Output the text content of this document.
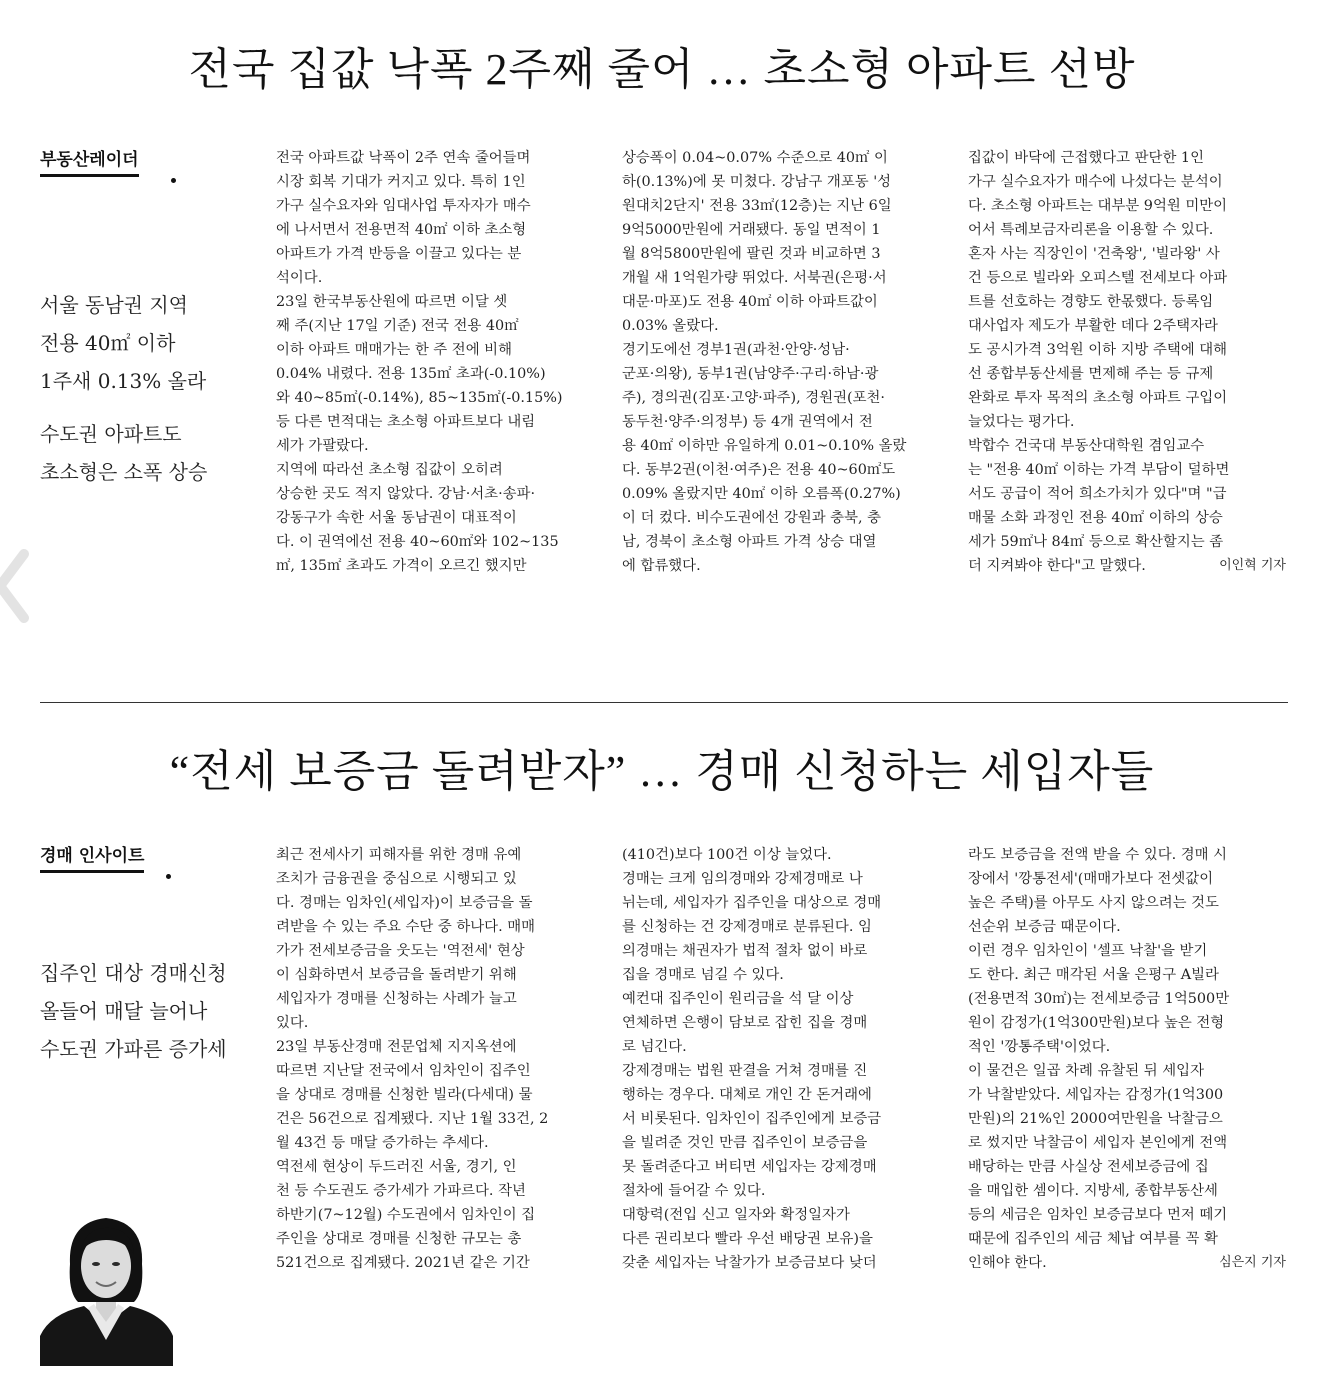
전국 집값 낙폭 2주째 줄어 … 초소형 아파트 선방
부동산레이더

서울 동남권 지역

전용 40㎡ 이하

1주새 0.13% 올라

수도권 아파트도

초소형은 소폭 상승

전국 아파트값 낙폭이 2주 연속 줄어들며

시장 회복 기대가 커지고 있다. 특히 1인

가구 실수요자와 임대사업 투자자가 매수

에 나서면서 전용면적 40㎡ 이하 초소형

아파트가 가격 반등을 이끌고 있다는 분

석이다.

23일 한국부동산원에 따르면 이달 셋

째 주(지난 17일 기준) 전국 전용 40㎡

이하 아파트 매매가는 한 주 전에 비해

0.04% 내렸다. 전용 135㎡ 초과(-0.10%)

와 40~85㎡(-0.14%), 85~135㎡(-0.15%)

등 다른 면적대는 초소형 아파트보다 내림

세가 가팔랐다.

지역에 따라선 초소형 집값이 오히려

상승한 곳도 적지 않았다. 강남·서초·송파·

강동구가 속한 서울 동남권이 대표적이

다. 이 권역에선 전용 40~60㎡와 102~135

㎡, 135㎡ 초과도 가격이 오르긴 했지만

상승폭이 0.04~0.07% 수준으로 40㎡ 이

하(0.13%)에 못 미쳤다. 강남구 개포동 '성

원대치2단지' 전용 33㎡(12층)는 지난 6일

9억5000만원에 거래됐다. 동일 면적이 1

월 8억5800만원에 팔린 것과 비교하면 3

개월 새 1억원가량 뛰었다. 서북권(은평·서

대문·마포)도 전용 40㎡ 이하 아파트값이

0.03% 올랐다.

경기도에선 경부1권(과천·안양·성남·

군포·의왕), 동부1권(남양주·구리·하남·광

주), 경의권(김포·고양·파주), 경원권(포천·

동두천·양주·의정부) 등 4개 권역에서 전

용 40㎡ 이하만 유일하게 0.01~0.10% 올랐

다. 동부2권(이천·여주)은 전용 40~60㎡도

0.09% 올랐지만 40㎡ 이하 오름폭(0.27%)

이 더 컸다. 비수도권에선 강원과 충북, 충

남, 경북이 초소형 아파트 가격 상승 대열

에 합류했다.

집값이 바닥에 근접했다고 판단한 1인

가구 실수요자가 매수에 나섰다는 분석이

다. 초소형 아파트는 대부분 9억원 미만이

어서 특례보금자리론을 이용할 수 있다.

혼자 사는 직장인이 '건축왕', '빌라왕' 사

건 등으로 빌라와 오피스텔 전세보다 아파

트를 선호하는 경향도 한몫했다. 등록임

대사업자 제도가 부활한 데다 2주택자라

도 공시가격 3억원 이하 지방 주택에 대해

선 종합부동산세를 면제해 주는 등 규제

완화로 투자 목적의 초소형 아파트 구입이

늘었다는 평가다.

박합수 건국대 부동산대학원 겸임교수

는 "전용 40㎡ 이하는 가격 부담이 덜하면

서도 공급이 적어 희소가치가 있다"며 "급

매물 소화 과정인 전용 40㎡ 이하의 상승

세가 59㎡나 84㎡ 등으로 확산할지는 좀

더 지켜봐야 한다"고 말했다.	이인혁 기자

“전세 보증금 돌려받자” … 경매 신청하는 세입자들
경매 인사이트

집주인 대상 경매신청

올들어 매달 늘어나

수도권 가파른 증가세

최근 전세사기 피해자를 위한 경매 유예

조치가 금융권을 중심으로 시행되고 있

다. 경매는 임차인(세입자)이 보증금을 돌

려받을 수 있는 주요 수단 중 하나다. 매매

가가 전세보증금을 웃도는 '역전세' 현상

이 심화하면서 보증금을 돌려받기 위해

세입자가 경매를 신청하는 사례가 늘고

있다.

23일 부동산경매 전문업체 지지옥션에

따르면 지난달 전국에서 임차인이 집주인

을 상대로 경매를 신청한 빌라(다세대) 물

건은 56건으로 집계됐다. 지난 1월 33건, 2

월 43건 등 매달 증가하는 추세다.

역전세 현상이 두드러진 서울, 경기, 인

천 등 수도권도 증가세가 가파르다. 작년

하반기(7~12월) 수도권에서 임차인이 집

주인을 상대로 경매를 신청한 규모는 총

521건으로 집계됐다. 2021년 같은 기간

(410건)보다 100건 이상 늘었다.

경매는 크게 임의경매와 강제경매로 나

뉘는데, 세입자가 집주인을 대상으로 경매

를 신청하는 건 강제경매로 분류된다. 임

의경매는 채권자가 법적 절차 없이 바로

집을 경매로 넘길 수 있다.

예컨대 집주인이 원리금을 석 달 이상

연체하면 은행이 담보로 잡힌 집을 경매

로 넘긴다.

강제경매는 법원 판결을 거쳐 경매를 진

행하는 경우다. 대체로 개인 간 돈거래에

서 비롯된다. 임차인이 집주인에게 보증금

을 빌려준 것인 만큼 집주인이 보증금을

못 돌려준다고 버티면 세입자는 강제경매

절차에 들어갈 수 있다.

대항력(전입 신고 일자와 확정일자가

다른 권리보다 빨라 우선 배당권 보유)을

갖춘 세입자는 낙찰가가 보증금보다 낮더

라도 보증금을 전액 받을 수 있다. 경매 시

장에서 '깡통전세'(매매가보다 전셋값이

높은 주택)를 아무도 사지 않으려는 것도

선순위 보증금 때문이다.

이런 경우 임차인이 '셀프 낙찰'을 받기

도 한다. 최근 매각된 서울 은평구 A빌라

(전용면적 30㎡)는 전세보증금 1억500만

원이 감정가(1억300만원)보다 높은 전형

적인 '깡통주택'이었다.

이 물건은 일곱 차례 유찰된 뒤 세입자

가 낙찰받았다. 세입자는 감정가(1억300

만원)의 21%인 2000여만원을 낙찰금으

로 썼지만 낙찰금이 세입자 본인에게 전액

배당하는 만큼 사실상 전세보증금에 집

을 매입한 셈이다. 지방세, 종합부동산세

등의 세금은 임차인 보증금보다 먼저 떼기

때문에 집주인의 세금 체납 여부를 꼭 확

인해야 한다.	심은지 기자
